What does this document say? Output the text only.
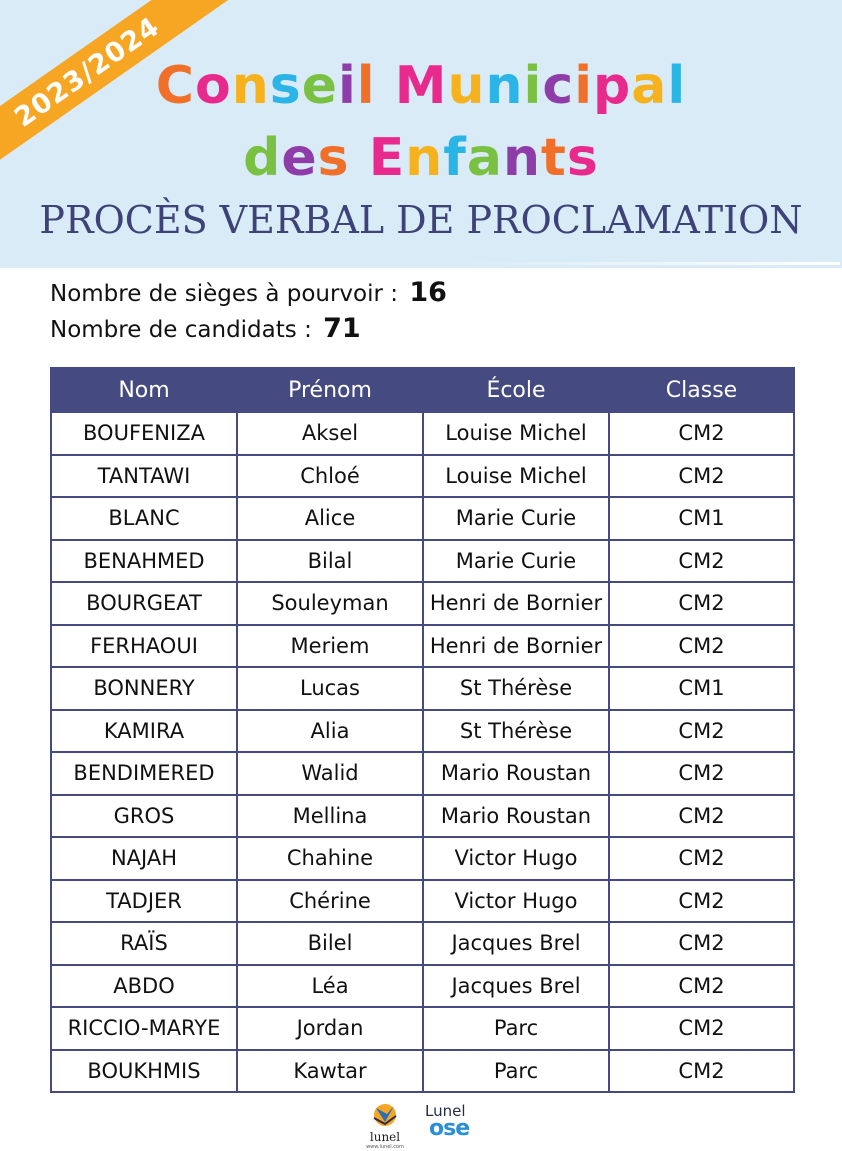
2023/2024
Conseil Municipal
des Enfants
PROCÈS VERBAL DE PROCLAMATION
Nombre de sièges à pourvoir : 16
Nombre de candidats : 71
Nom	Prénom	École	Classe
BOUFENIZA	Aksel	Louise Michel	CM2
TANTAWI	Chloé	Louise Michel	CM2
BLANC	Alice	Marie Curie	CM1
BENAHMED	Bilal	Marie Curie	CM2
BOURGEAT	Souleyman	Henri de Bornier	CM2
FERHAOUI	Meriem	Henri de Bornier	CM2
BONNERY	Lucas	St Thérèse	CM1
KAMIRA	Alia	St Thérèse	CM2
BENDIMERED	Walid	Mario Roustan	CM2
GROS	Mellina	Mario Roustan	CM2
NAJAH	Chahine	Victor Hugo	CM2
TADJER	Chérine	Victor Hugo	CM2
RAÏS	Bilel	Jacques Brel	CM2
ABDO	Léa	Jacques Brel	CM2
RICCIO-MARYE	Jordan	Parc	CM2
BOUKHMIS	Kawtar	Parc	CM2
lunel
www.lunel.com
Lunel
ose
